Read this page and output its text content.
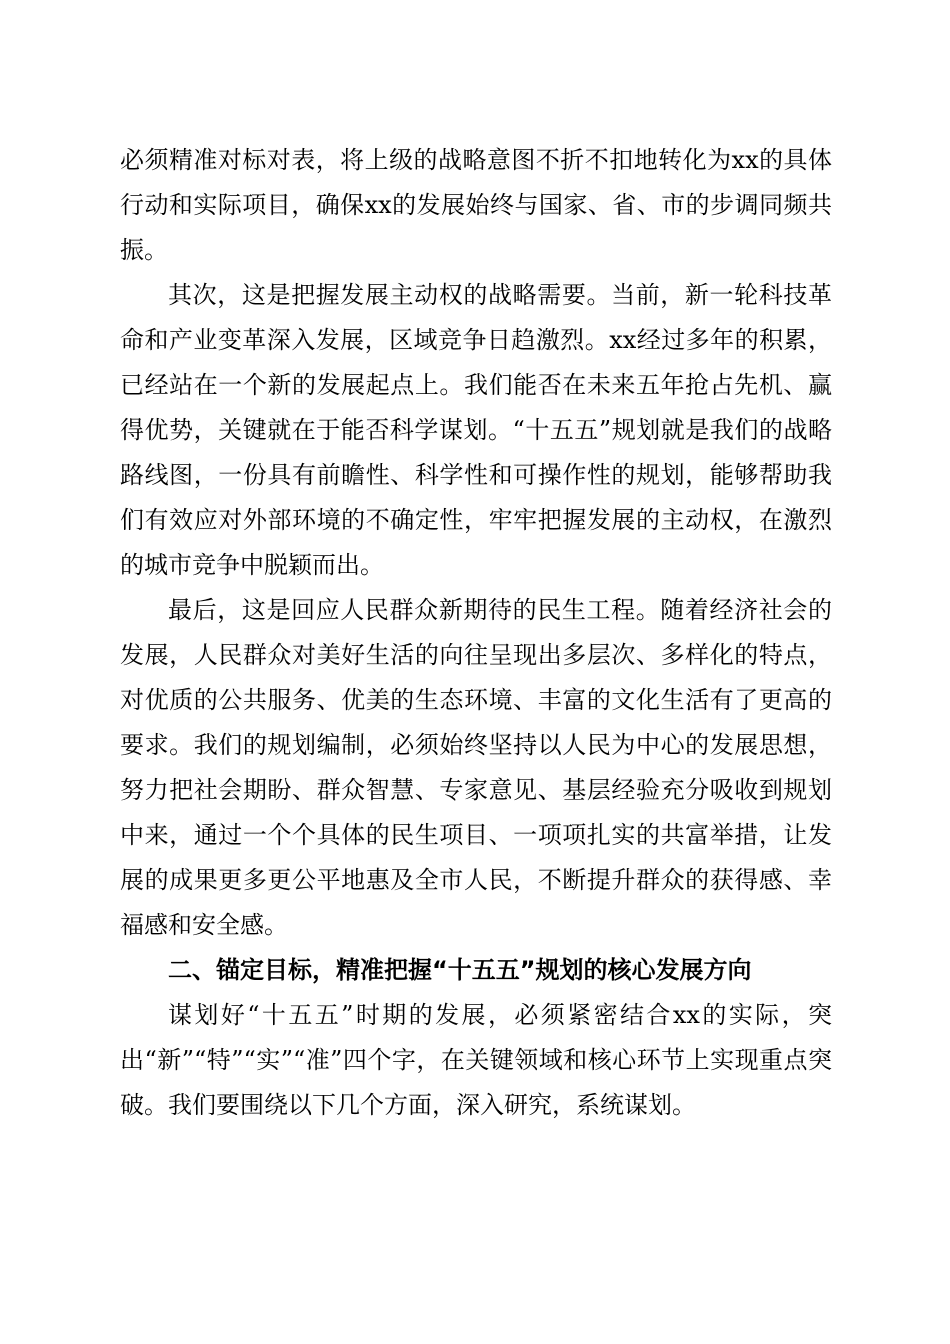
必须精准对标对表，将上级的战略意图不折不扣地转化为xx的具体行动和实际项目，确保xx的发展始终与国家、省、市的步调同频共振。

其次，这是把握发展主动权的战略需要。当前，新一轮科技革命和产业变革深入发展，区域竞争日趋激烈。xx经过多年的积累，已经站在一个新的发展起点上。我们能否在未来五年抢占先机、赢得优势，关键就在于能否科学谋划。“十五五”规划就是我们的战略路线图，一份具有前瞻性、科学性和可操作性的规划，能够帮助我们有效应对外部环境的不确定性，牢牢把握发展的主动权，在激烈的城市竞争中脱颖而出。

最后，这是回应人民群众新期待的民生工程。随着经济社会的发展，人民群众对美好生活的向往呈现出多层次、多样化的特点，对优质的公共服务、优美的生态环境、丰富的文化生活有了更高的要求。我们的规划编制，必须始终坚持以人民为中心的发展思想，努力把社会期盼、群众智慧、专家意见、基层经验充分吸收到规划中来，通过一个个具体的民生项目、一项项扎实的共富举措，让发展的成果更多更公平地惠及全市人民，不断提升群众的获得感、幸福感和安全感。

二、锚定目标，精准把握“十五五”规划的核心发展方向

谋划好“十五五”时期的发展，必须紧密结合xx的实际，突出“新”“特”“实”“准”四个字，在关键领域和核心环节上实现重点突破。我们要围绕以下几个方面，深入研究，系统谋划。
